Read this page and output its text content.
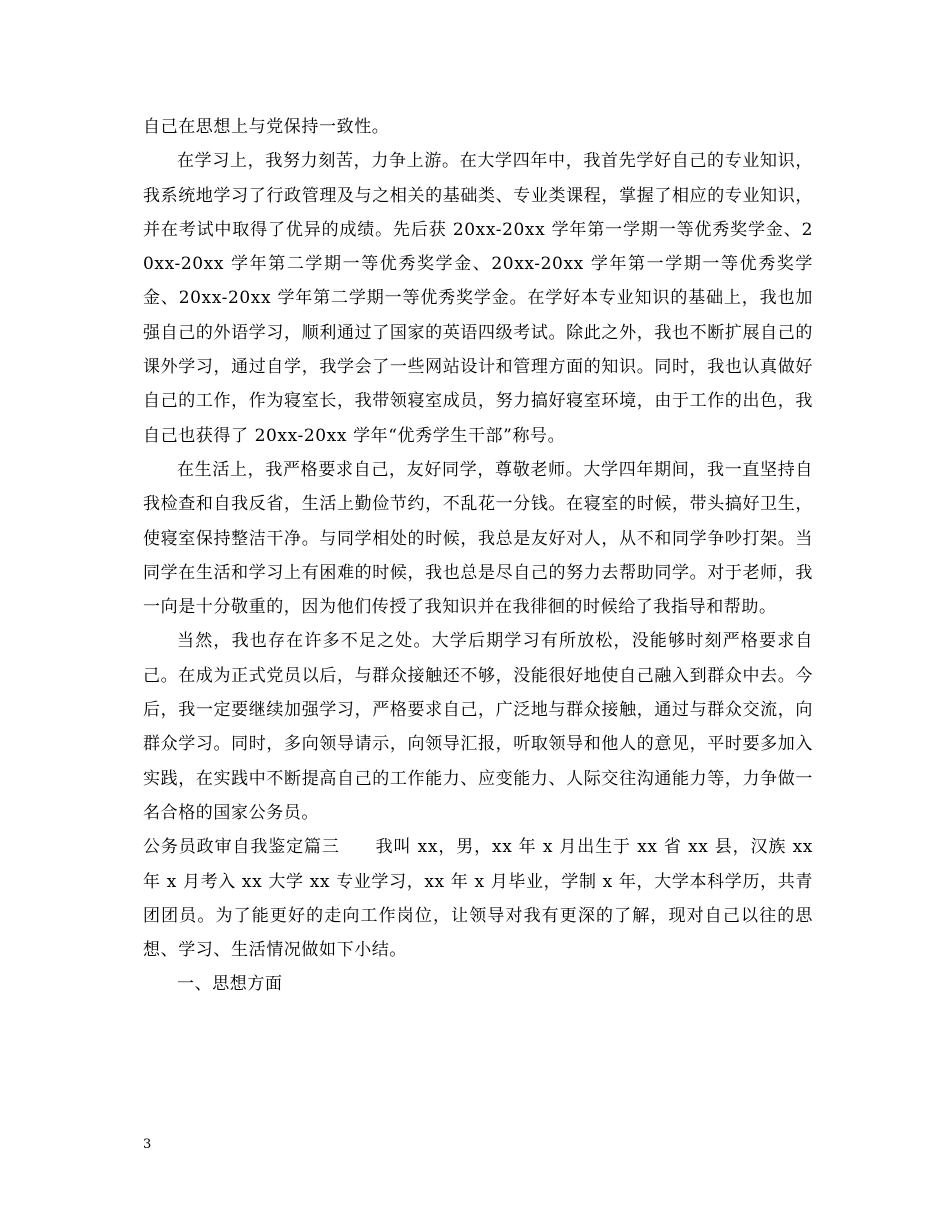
自己在思想上与党保持一致性。

在学习上，我努力刻苦，力争上游。在大学四年中，我首先学好自己的专业知识，我系统地学习了行政管理及与之相关的基础类、专业类课程，掌握了相应的专业知识，并在考试中取得了优异的成绩。先后获 20xx-20xx 学年第一学期一等优秀奖学金、20xx-20xx 学年第二学期一等优秀奖学金、20xx-20xx 学年第一学期一等优秀奖学金、20xx-20xx 学年第二学期一等优秀奖学金。在学好本专业知识的基础上，我也加强自己的外语学习，顺利通过了国家的英语四级考试。除此之外，我也不断扩展自己的课外学习，通过自学，我学会了一些网站设计和管理方面的知识。同时，我也认真做好自己的工作，作为寝室长，我带领寝室成员，努力搞好寝室环境，由于工作的出色，我自己也获得了 20xx-20xx 学年“优秀学生干部”称号。

在生活上，我严格要求自己，友好同学，尊敬老师。大学四年期间，我一直坚持自我检查和自我反省，生活上勤俭节约，不乱花一分钱。在寝室的时候，带头搞好卫生，使寝室保持整洁干净。与同学相处的时候，我总是友好对人，从不和同学争吵打架。当同学在生活和学习上有困难的时候，我也总是尽自己的努力去帮助同学。对于老师，我一向是十分敬重的，因为他们传授了我知识并在我徘徊的时候给了我指导和帮助。

当然，我也存在许多不足之处。大学后期学习有所放松，没能够时刻严格要求自己。在成为正式党员以后，与群众接触还不够，没能很好地使自己融入到群众中去。今后，我一定要继续加强学习，严格要求自己，广泛地与群众接触，通过与群众交流，向群众学习。同时，多向领导请示，向领导汇报，听取领导和他人的意见，平时要多加入实践，在实践中不断提高自己的工作能力、应变能力、人际交往沟通能力等，力争做一名合格的国家公务员。

公务员政审自我鉴定篇三　　我叫 xx，男，xx 年 x 月出生于 xx 省 xx 县，汉族 xx 年 x 月考入 xx 大学 xx 专业学习，xx 年 x 月毕业，学制 x 年，大学本科学历，共青团团员。为了能更好的走向工作岗位，让领导对我有更深的了解，现对自己以往的思想、学习、生活情况做如下小结。

一、思想方面

3
